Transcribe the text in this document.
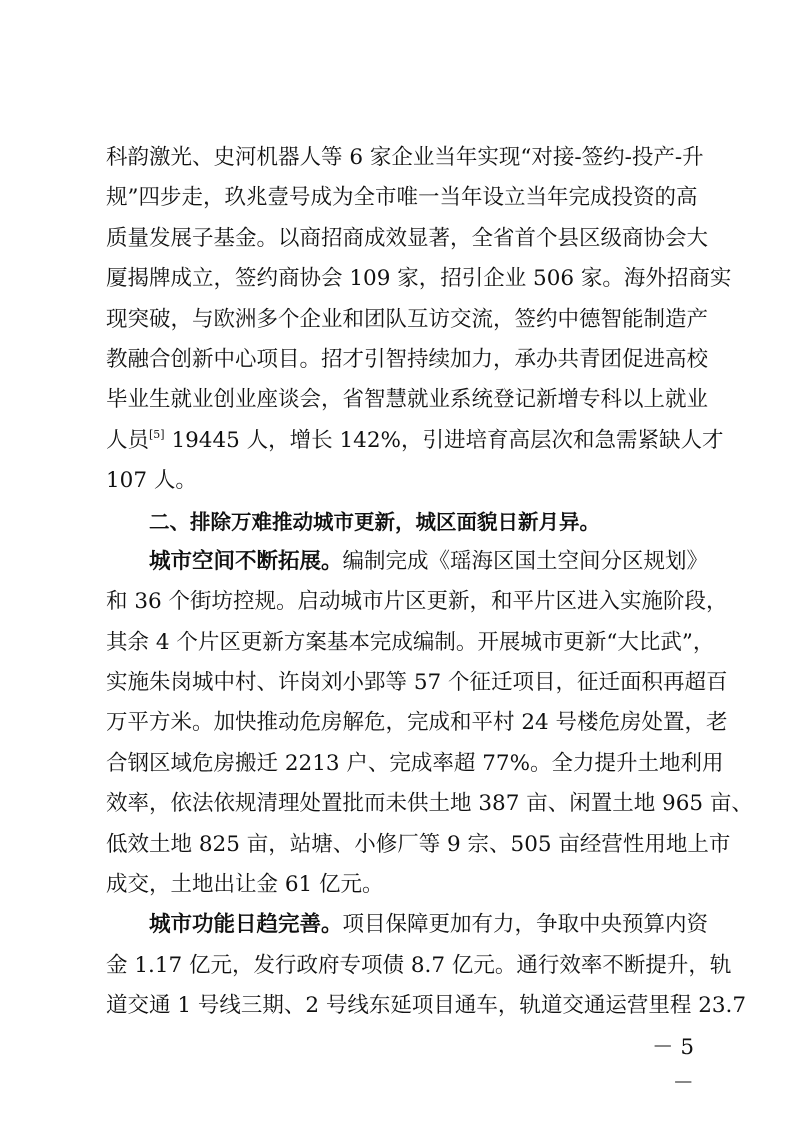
科韵激光、史河机器人等 6 家企业当年实现“对接-签约-投产-升
规”四步走，玖兆壹号成为全市唯一当年设立当年完成投资的高
质量发展子基金。以商招商成效显著，全省首个县区级商协会大
厦揭牌成立，签约商协会 109 家，招引企业 506 家。海外招商实
现突破，与欧洲多个企业和团队互访交流，签约中德智能制造产
教融合创新中心项目。招才引智持续加力，承办共青团促进高校
毕业生就业创业座谈会，省智慧就业系统登记新增专科以上就业
人员[5] 19445 人，增长 142%，引进培育高层次和急需紧缺人才
107 人。
二、排除万难推动城市更新，城区面貌日新月异。
城市空间不断拓展。编制完成《瑶海区国土空间分区规划》
和 36 个街坊控规。启动城市片区更新，和平片区进入实施阶段，
其余 4 个片区更新方案基本完成编制。开展城市更新“大比武”，
实施朱岗城中村、许岗刘小郢等 57 个征迁项目，征迁面积再超百
万平方米。加快推动危房解危，完成和平村 24 号楼危房处置，老
合钢区域危房搬迁 2213 户、完成率超 77%。全力提升土地利用
效率，依法依规清理处置批而未供土地 387 亩、闲置土地 965 亩、
低效土地 825 亩，站塘、小修厂等 9 宗、505 亩经营性用地上市
成交，土地出让金 61 亿元。
城市功能日趋完善。项目保障更加有力，争取中央预算内资
金 1.17 亿元，发行政府专项债 8.7 亿元。通行效率不断提升，轨
道交通 1 号线三期、2 号线东延项目通车，轨道交通运营里程 23.7
－ 5 －
